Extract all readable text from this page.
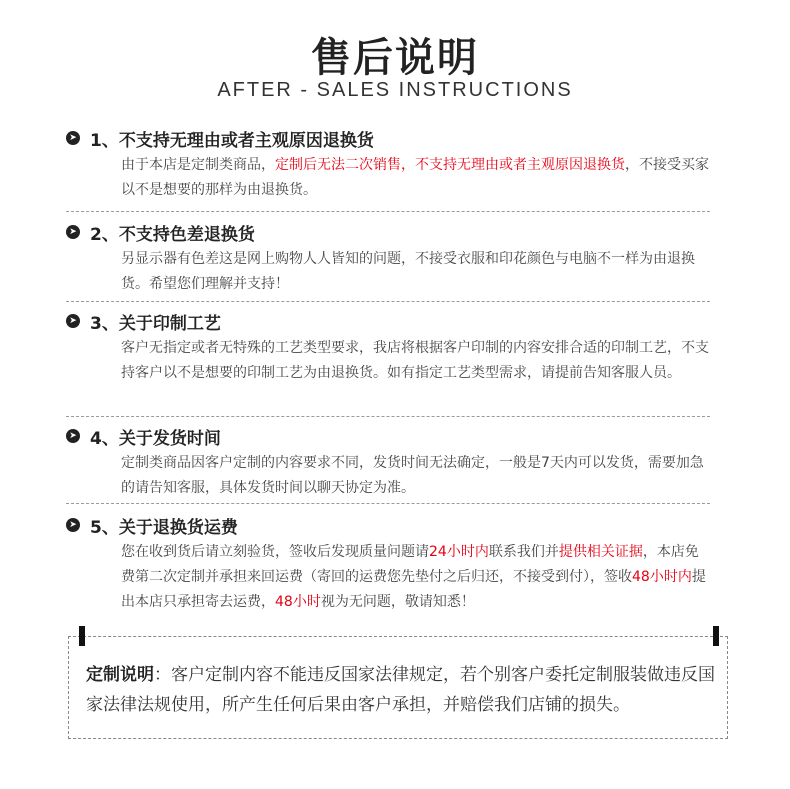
售后说明
AFTER - SALES INSTRUCTIONS
➤ 1、不支持无理由或者主观原因退换货
由于本店是定制类商品，定制后无法二次销售，不支持无理由或者主观原因退换货，不接受买家以不是想要的那样为由退换货。
➤ 2、不支持色差退换货
另显示器有色差这是网上购物人人皆知的问题，不接受衣服和印花颜色与电脑不一样为由退换货。希望您们理解并支持！
➤ 3、关于印制工艺
客户无指定或者无特殊的工艺类型要求，我店将根据客户印制的内容安排合适的印制工艺，不支持客户以不是想要的印制工艺为由退换货。如有指定工艺类型需求，请提前告知客服人员。
➤ 4、关于发货时间
定制类商品因客户定制的内容要求不同，发货时间无法确定，一般是7天内可以发货，需要加急的请告知客服，具体发货时间以聊天协定为准。
➤ 5、关于退换货运费
您在收到货后请立刻验货，签收后发现质量问题请24小时内联系我们并提供相关证据，本店免费第二次定制并承担来回运费（寄回的运费您先垫付之后归还，不接受到付），签收48小时内提出本店只承担寄去运费，48小时视为无问题，敬请知悉！
定制说明：客户定制内容不能违反国家法律规定，若个别客户委托定制服装做违反国家法律法规使用，所产生任何后果由客户承担，并赔偿我们店铺的损失。
